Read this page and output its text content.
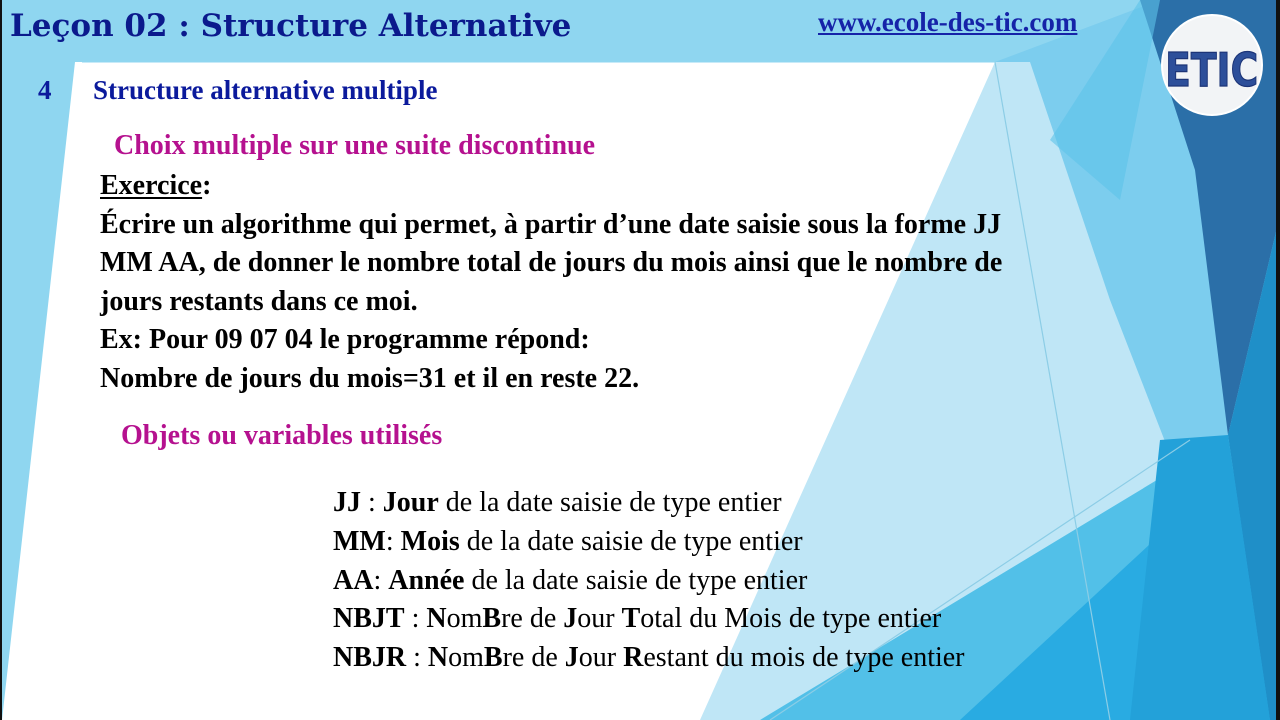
Leçon 02 : Structure Alternative	www.ecole-des-tic.com
ETIC
4 Structure alternative multiple
Choix multiple sur une suite discontinue
Exercice:
Écrire un algorithme qui permet, à partir d’une date saisie sous la forme JJ
MM AA, de donner le nombre total de jours du mois ainsi que le nombre de
jours restants dans ce moi.
Ex: Pour 09 07 04 le programme répond:
Nombre de jours du mois=31 et il en reste 22.
Objets ou variables utilisés
JJ : Jour de la date saisie de type entier
MM: Mois de la date saisie de type entier
AA: Année de la date saisie de type entier
NBJT : NomBre de Jour Total du Mois de type entier
NBJR : NomBre de Jour Restant du mois de type entier
